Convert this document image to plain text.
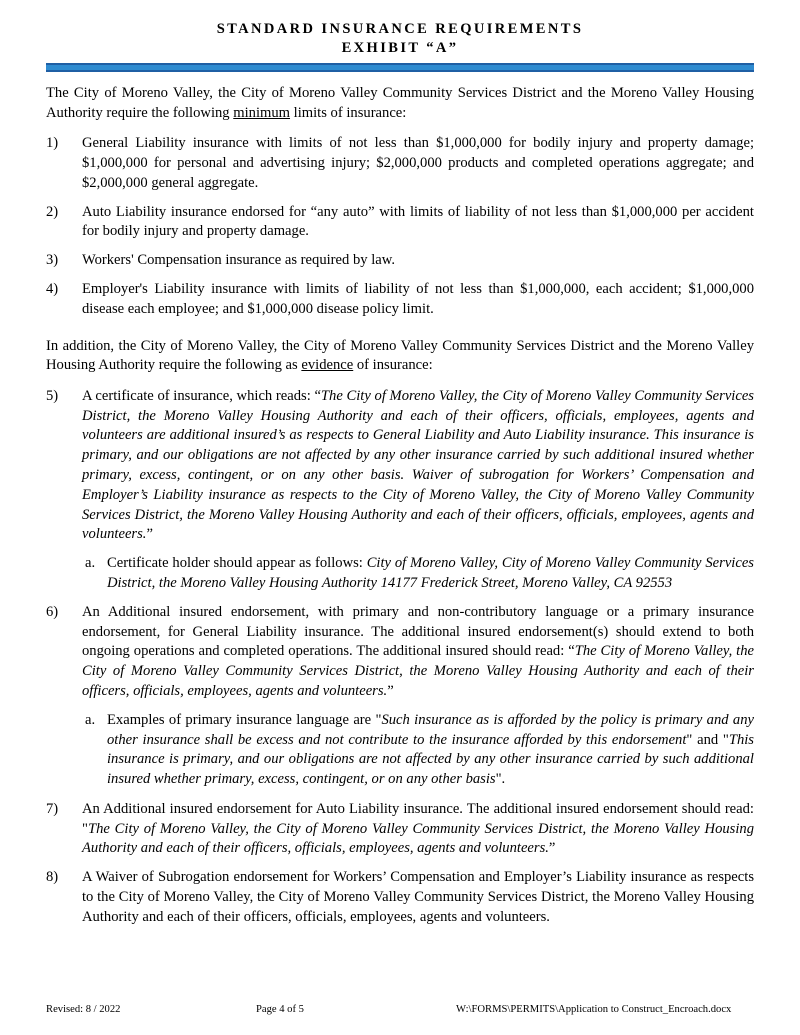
STANDARD INSURANCE REQUIREMENTS
EXHIBIT “A”
The City of Moreno Valley, the City of Moreno Valley Community Services District and the Moreno Valley Housing Authority require the following minimum limits of insurance:
1)	General Liability insurance with limits of not less than $1,000,000 for bodily injury and property damage; $1,000,000 for personal and advertising injury; $2,000,000 products and completed operations aggregate; and $2,000,000 general aggregate.
2)	Auto Liability insurance endorsed for “any auto” with limits of liability of not less than $1,000,000 per accident for bodily injury and property damage.
3)	Workers' Compensation insurance as required by law.
4)	Employer's Liability insurance with limits of liability of not less than $1,000,000, each accident; $1,000,000 disease each employee; and $1,000,000 disease policy limit.
In addition, the City of Moreno Valley, the City of Moreno Valley Community Services District and the Moreno Valley Housing Authority require the following as evidence of insurance:
5)	A certificate of insurance, which reads: “The City of Moreno Valley, the City of Moreno Valley Community Services District, the Moreno Valley Housing Authority and each of their officers, officials, employees, agents and volunteers are additional insured’s as respects to General Liability and Auto Liability insurance. This insurance is primary, and our obligations are not affected by any other insurance carried by such additional insured whether primary, excess, contingent, or on any other basis. Waiver of subrogation for Workers’ Compensation and Employer’s Liability insurance as respects to the City of Moreno Valley, the City of Moreno Valley Community Services District, the Moreno Valley Housing Authority and each of their officers, officials, employees, agents and volunteers.”
a. Certificate holder should appear as follows: City of Moreno Valley, City of Moreno Valley Community Services District, the Moreno Valley Housing Authority 14177 Frederick Street, Moreno Valley, CA 92553
6)	An Additional insured endorsement, with primary and non-contributory language or a primary insurance endorsement, for General Liability insurance. The additional insured endorsement(s) should extend to both ongoing operations and completed operations. The additional insured should read: “The City of Moreno Valley, the City of Moreno Valley Community Services District, the Moreno Valley Housing Authority and each of their officers, officials, employees, agents and volunteers.”
a. Examples of primary insurance language are "Such insurance as is afforded by the policy is primary and any other insurance shall be excess and not contribute to the insurance afforded by this endorsement" and "This insurance is primary, and our obligations are not affected by any other insurance carried by such additional insured whether primary, excess, contingent, or on any other basis".
7)	An Additional insured endorsement for Auto Liability insurance. The additional insured endorsement should read: "The City of Moreno Valley, the City of Moreno Valley Community Services District, the Moreno Valley Housing Authority and each of their officers, officials, employees, agents and volunteers.”
8)	A Waiver of Subrogation endorsement for Workers’ Compensation and Employer’s Liability insurance as respects to the City of Moreno Valley, the City of Moreno Valley Community Services District, the Moreno Valley Housing Authority and each of their officers, officials, employees, agents and volunteers.
Revised: 8 / 2022	Page 4 of 5	W:\FORMS\PERMITS\Application to Construct_Encroach.docx
